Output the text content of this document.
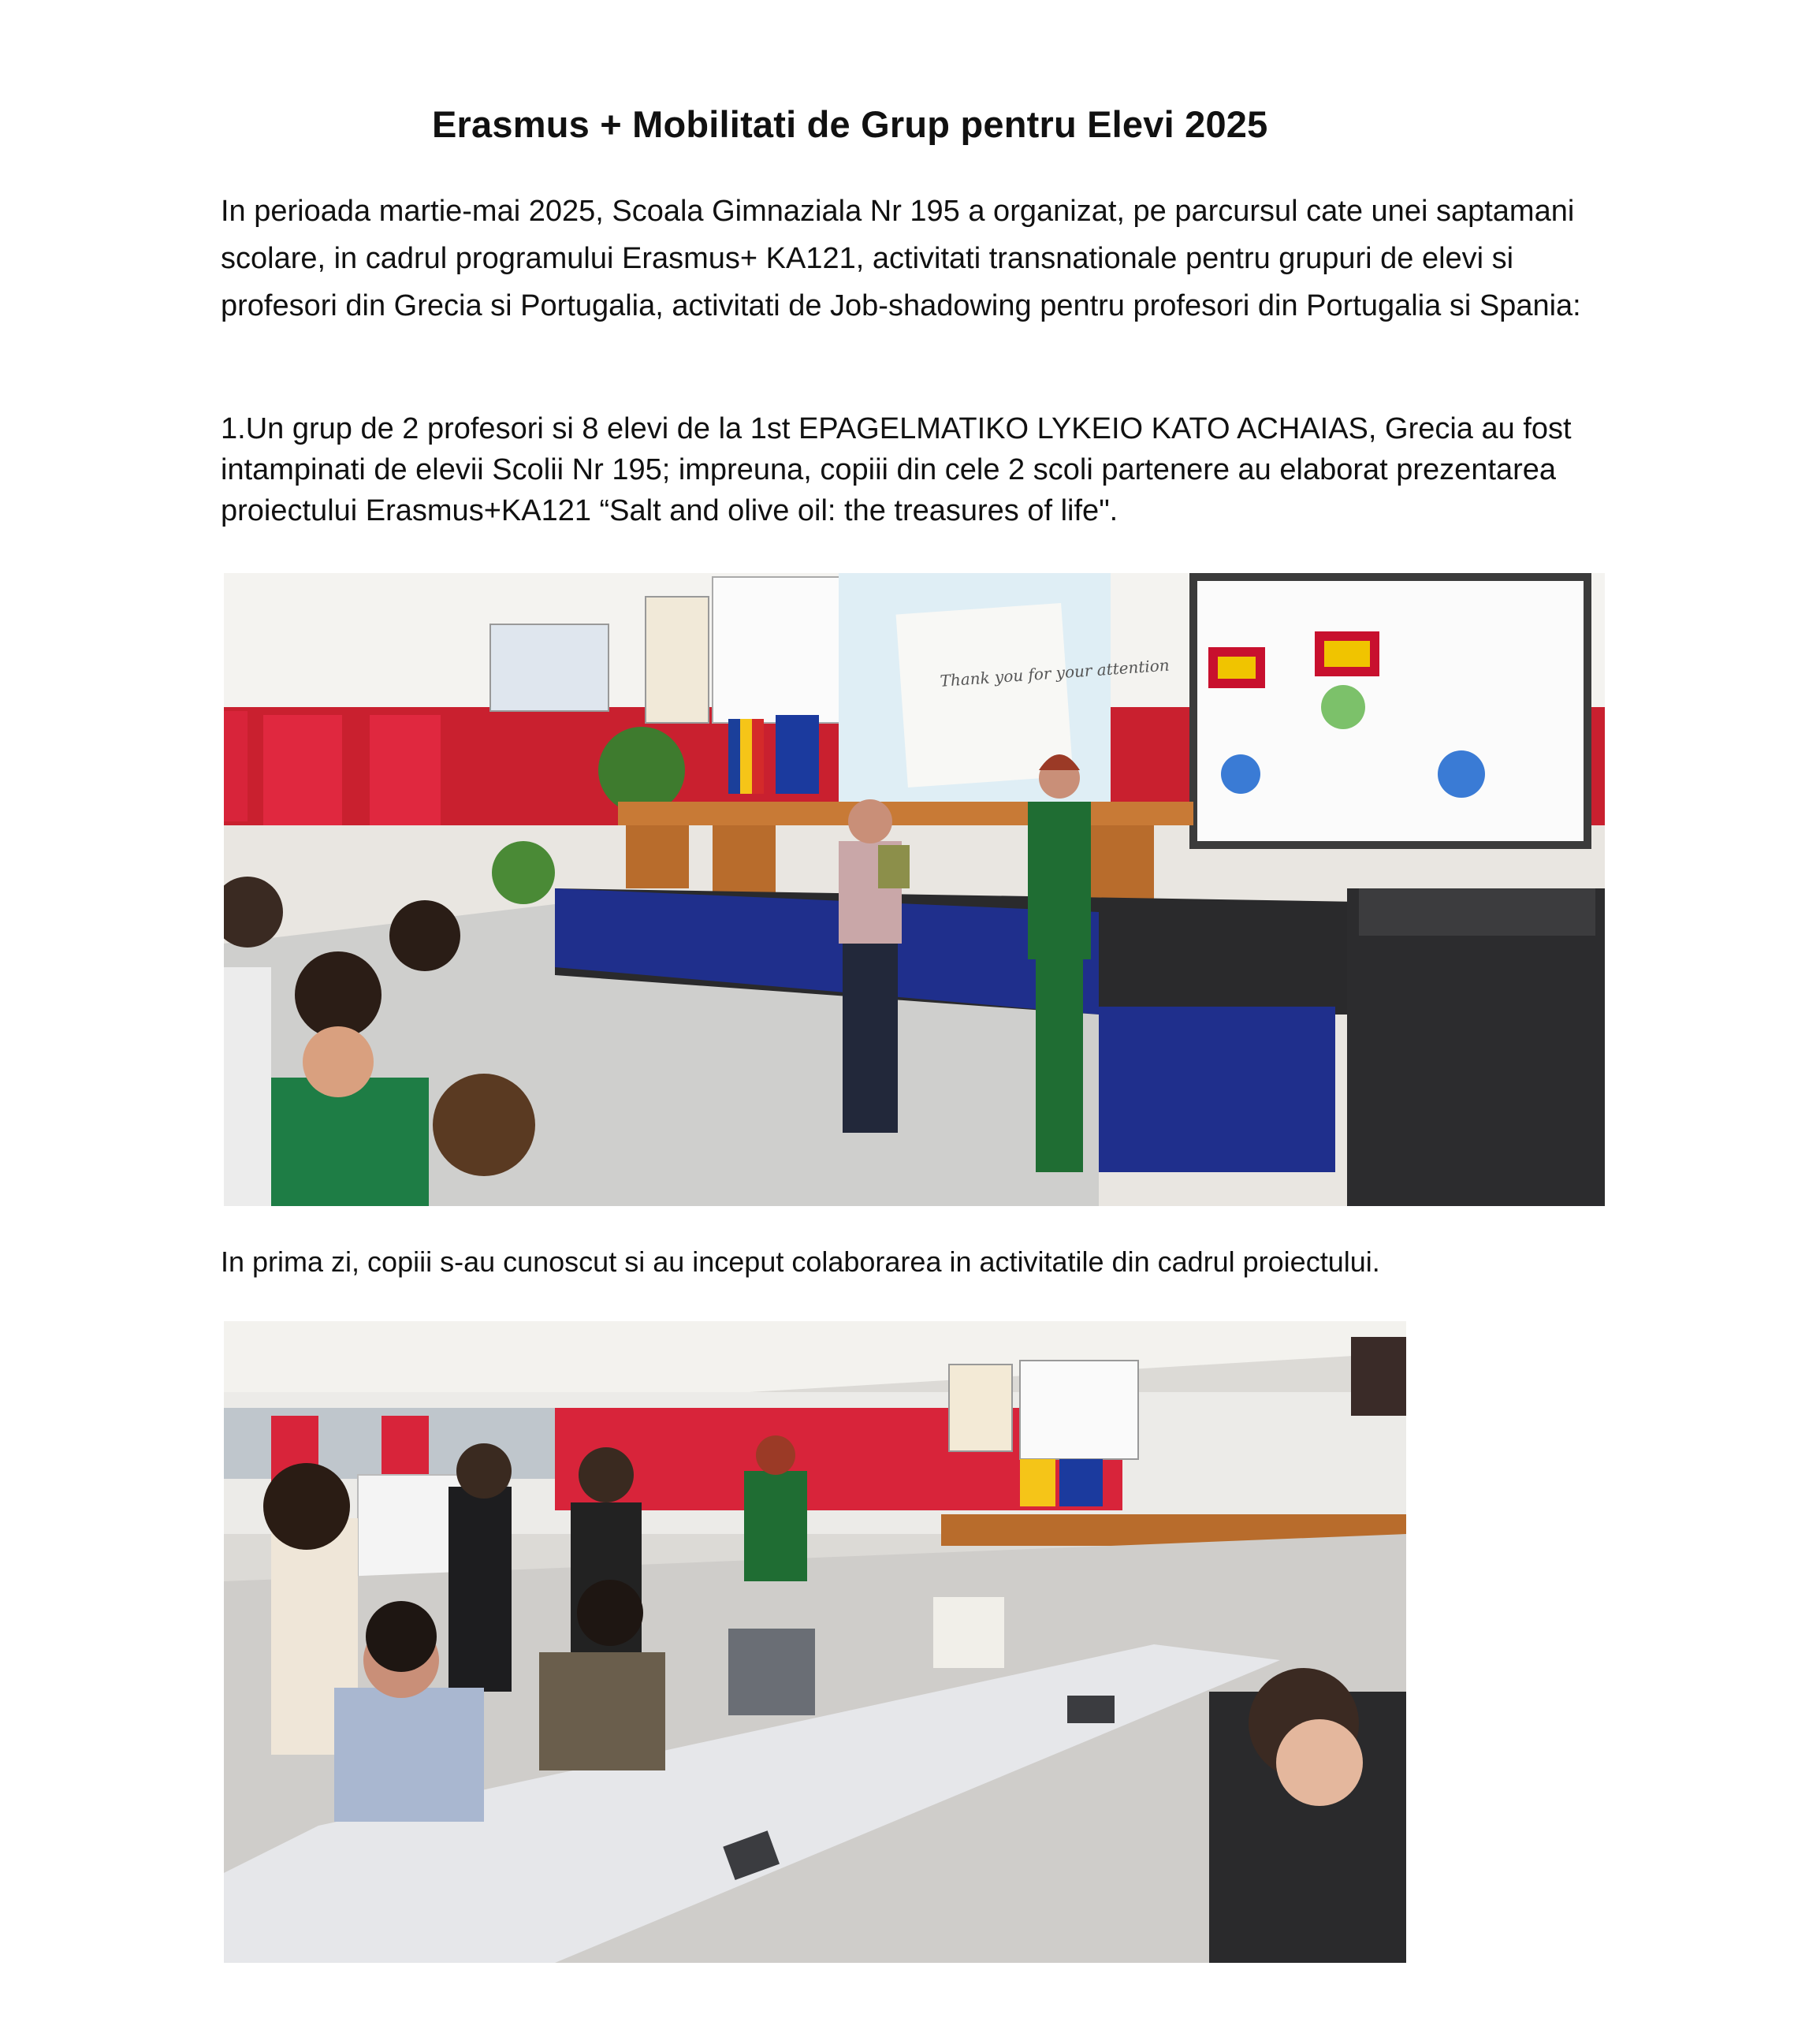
Erasmus + Mobilitati de Grup pentru Elevi 2025

In perioada martie-mai 2025, Scoala Gimnaziala Nr 195 a organizat, pe parcursul cate unei saptamani scolare, in cadrul programului Erasmus+ KA121, activitati transnationale pentru grupuri de elevi si profesori din Grecia si Portugalia, activitati de Job-shadowing pentru profesori din Portugalia si Spania:

1.Un grup de 2 profesori si 8 elevi de la 1st EPAGELMATIKO LYKEIO KATO ACHAIAS, Grecia au fost intampinati de elevii Scolii Nr 195; impreuna, copiii din cele 2 scoli partenere au elaborat prezentarea proiectului Erasmus+KA121 “Salt and olive oil: the treasures of life".

Thank you for your attention
In prima zi, copiii s-au cunoscut si au inceput colaborarea in activitatile din cadrul proiectului.
